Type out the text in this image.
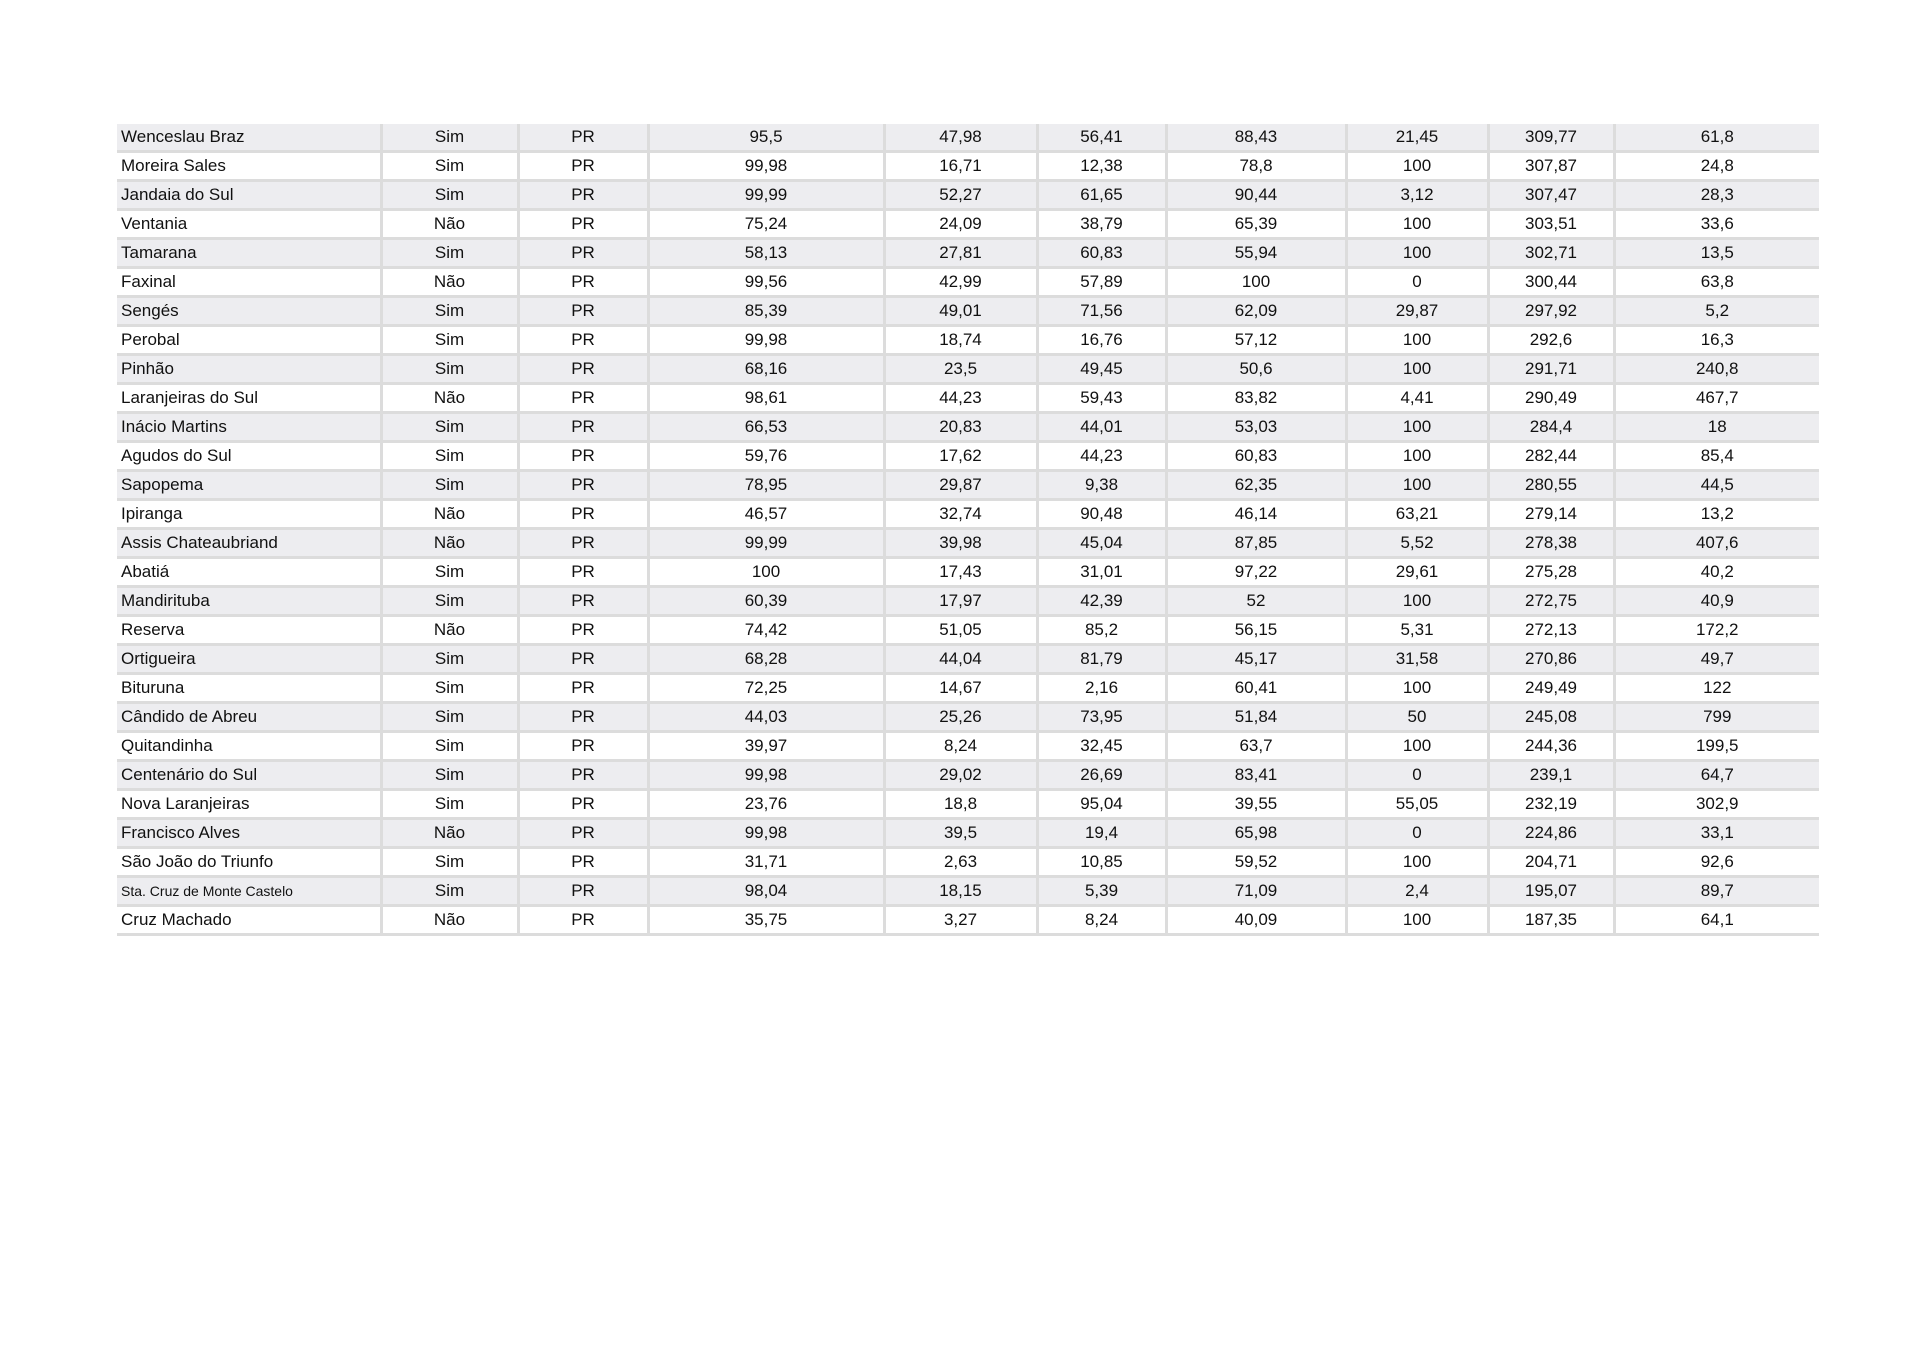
Wenceslau Braz	Sim	PR	95,5	47,98	56,41	88,43	21,45	309,77	61,8
Moreira Sales	Sim	PR	99,98	16,71	12,38	78,8	100	307,87	24,8
Jandaia do Sul	Sim	PR	99,99	52,27	61,65	90,44	3,12	307,47	28,3
Ventania	Não	PR	75,24	24,09	38,79	65,39	100	303,51	33,6
Tamarana	Sim	PR	58,13	27,81	60,83	55,94	100	302,71	13,5
Faxinal	Não	PR	99,56	42,99	57,89	100	0	300,44	63,8
Sengés	Sim	PR	85,39	49,01	71,56	62,09	29,87	297,92	5,2
Perobal	Sim	PR	99,98	18,74	16,76	57,12	100	292,6	16,3
Pinhão	Sim	PR	68,16	23,5	49,45	50,6	100	291,71	240,8
Laranjeiras do Sul	Não	PR	98,61	44,23	59,43	83,82	4,41	290,49	467,7
Inácio Martins	Sim	PR	66,53	20,83	44,01	53,03	100	284,4	18
Agudos do Sul	Sim	PR	59,76	17,62	44,23	60,83	100	282,44	85,4
Sapopema	Sim	PR	78,95	29,87	9,38	62,35	100	280,55	44,5
Ipiranga	Não	PR	46,57	32,74	90,48	46,14	63,21	279,14	13,2
Assis Chateaubriand	Não	PR	99,99	39,98	45,04	87,85	5,52	278,38	407,6
Abatiá	Sim	PR	100	17,43	31,01	97,22	29,61	275,28	40,2
Mandirituba	Sim	PR	60,39	17,97	42,39	52	100	272,75	40,9
Reserva	Não	PR	74,42	51,05	85,2	56,15	5,31	272,13	172,2
Ortigueira	Sim	PR	68,28	44,04	81,79	45,17	31,58	270,86	49,7
Bituruna	Sim	PR	72,25	14,67	2,16	60,41	100	249,49	122
Cândido de Abreu	Sim	PR	44,03	25,26	73,95	51,84	50	245,08	799
Quitandinha	Sim	PR	39,97	8,24	32,45	63,7	100	244,36	199,5
Centenário do Sul	Sim	PR	99,98	29,02	26,69	83,41	0	239,1	64,7
Nova Laranjeiras	Sim	PR	23,76	18,8	95,04	39,55	55,05	232,19	302,9
Francisco Alves	Não	PR	99,98	39,5	19,4	65,98	0	224,86	33,1
São João do Triunfo	Sim	PR	31,71	2,63	10,85	59,52	100	204,71	92,6
Sta. Cruz de Monte Castelo	Sim	PR	98,04	18,15	5,39	71,09	2,4	195,07	89,7
Cruz Machado	Não	PR	35,75	3,27	8,24	40,09	100	187,35	64,1
